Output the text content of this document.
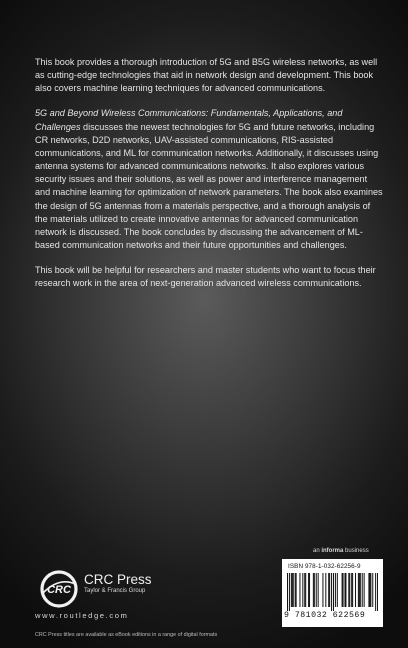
This book provides a thorough introduction of 5G and B5G wireless networks, as well as cutting-edge technologies that aid in network design and development. This book also covers machine learning techniques for advanced communications.

5G and Beyond Wireless Communications: Fundamentals, Applications, and Challenges discusses the newest technologies for 5G and future networks, including CR networks, D2D networks, UAV-assisted communications, RIS-assisted communications, and ML for communication networks. Additionally, it discusses using antenna systems for advanced communications networks. It also explores various security issues and their solutions, as well as power and interference management and machine learning for optimization of network parameters. The book also examines the design of 5G antennas from a materials perspective, and a thorough analysis of the materials utilized to create innovative antennas for advanced communication network is discussed. The book concludes by discussing the advancement of ML-based communication networks and their future opportunities and challenges.

This book will be helpful for researchers and master students who want to focus their research work in the area of next-generation advanced wireless communications.

an informa business
ISBN 978-1-032-62256-9
9 781032 622569
CRC
CRC Press
Taylor & Francis Group
www.routledge.com
CRC Press titles are available as eBook editions in a range of digital formats
